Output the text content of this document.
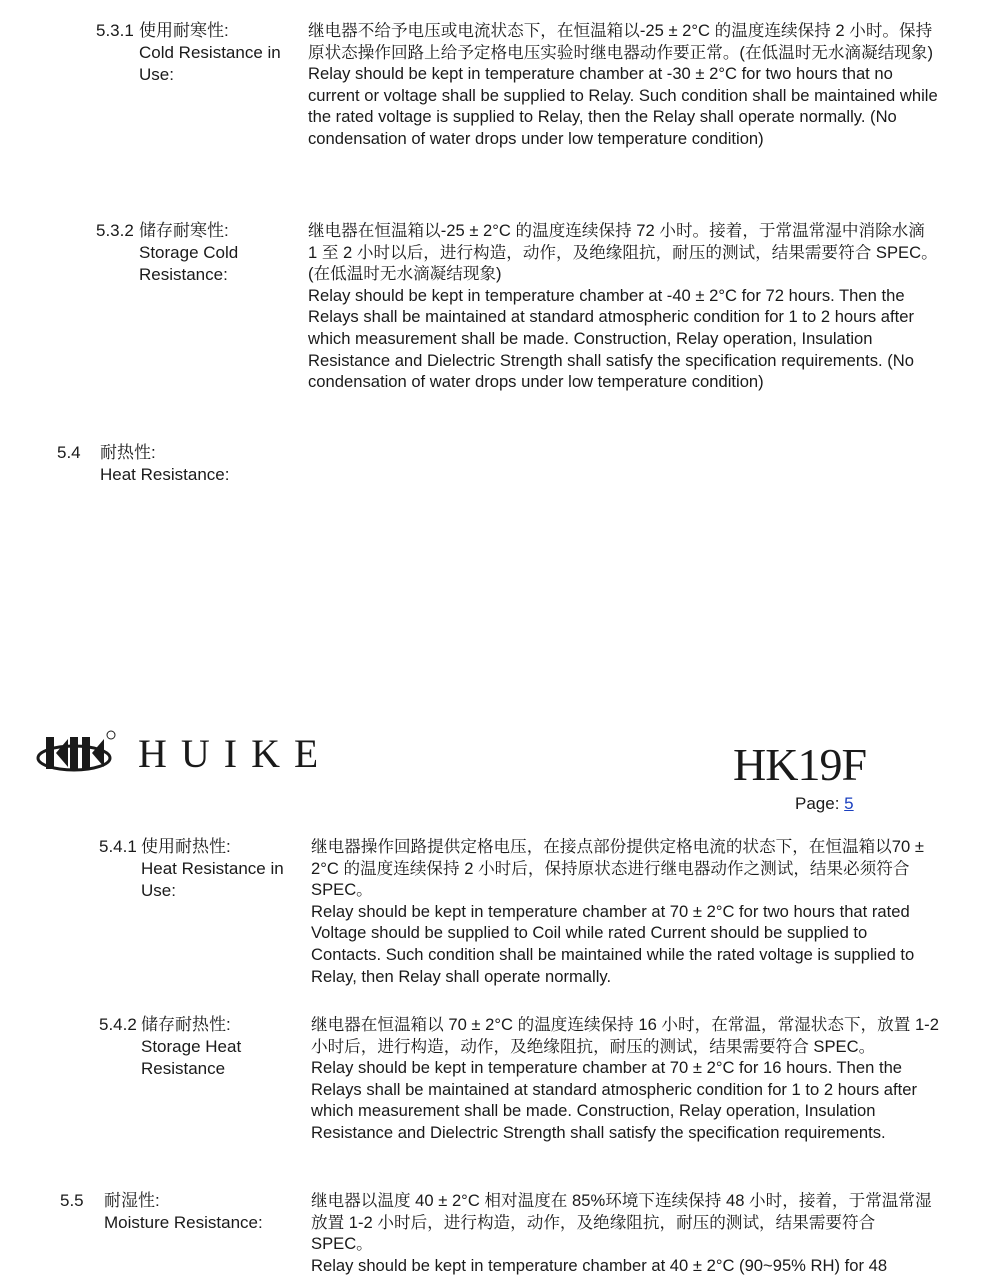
5.3.1 使用耐寒性:
Cold Resistance in Use:

继电器不给予电压或电流状态下，在恒温箱以-25 ± 2°C 的温度连续保持 2 小时。保持原状态操作回路上给予定格电压实验时继电器动作要正常。(在低温时无水滴凝结现象)

Relay should be kept in temperature chamber at -30 ± 2°C for two hours that no current or voltage shall be supplied to Relay. Such condition shall be maintained while the rated voltage is supplied to Relay, then the Relay shall operate normally. (No condensation of water drops under low temperature condition)

5.3.2 储存耐寒性:
Storage Cold Resistance:

继电器在恒温箱以-25 ± 2°C 的温度连续保持 72 小时。接着，于常温常湿中消除水滴 1 至 2 小时以后，进行构造，动作，及绝缘阻抗，耐压的测试，结果需要符合 SPEC。(在低温时无水滴凝结现象)

Relay should be kept in temperature chamber at -40 ± 2°C for 72 hours. Then the Relays shall be maintained at standard atmospheric condition for 1 to 2 hours after which measurement shall be made. Construction, Relay operation, Insulation Resistance and Dielectric Strength shall satisfy the specification requirements. (No condensation of water drops under low temperature condition)

5.4 耐热性:
Heat Resistance:
HUIKE	HK19F
Page: 5
5.4.1 使用耐热性:
Heat Resistance in Use:

继电器操作回路提供定格电压，在接点部份提供定格电流的状态下，在恒温箱以70 ± 2°C 的温度连续保持 2 小时后，保持原状态进行继电器动作之测试，结果必须符合 SPEC。

Relay should be kept in temperature chamber at 70 ± 2°C for two hours that rated Voltage should be supplied to Coil while rated Current should be supplied to Contacts. Such condition shall be maintained while the rated voltage is supplied to Relay, then Relay shall operate normally.

5.4.2 储存耐热性:
Storage Heat Resistance

继电器在恒温箱以 70 ± 2°C 的温度连续保持 16 小时，在常温，常湿状态下，放置 1-2 小时后，进行构造，动作，及绝缘阻抗，耐压的测试，结果需要符合 SPEC。

Relay should be kept in temperature chamber at 70 ± 2°C for 16 hours. Then the Relays shall be maintained at standard atmospheric condition for 1 to 2 hours after which measurement shall be made. Construction, Relay operation, Insulation Resistance and Dielectric Strength shall satisfy the specification requirements.

5.5 耐湿性:
Moisture Resistance:

继电器以温度 40 ± 2°C 相对温度在 85%环境下连续保持 48 小时，接着，于常温常湿放置 1-2 小时后，进行构造，动作，及绝缘阻抗，耐压的测试，结果需要符合 SPEC。

Relay should be kept in temperature chamber at 40 ± 2°C (90~95% RH) for 48
